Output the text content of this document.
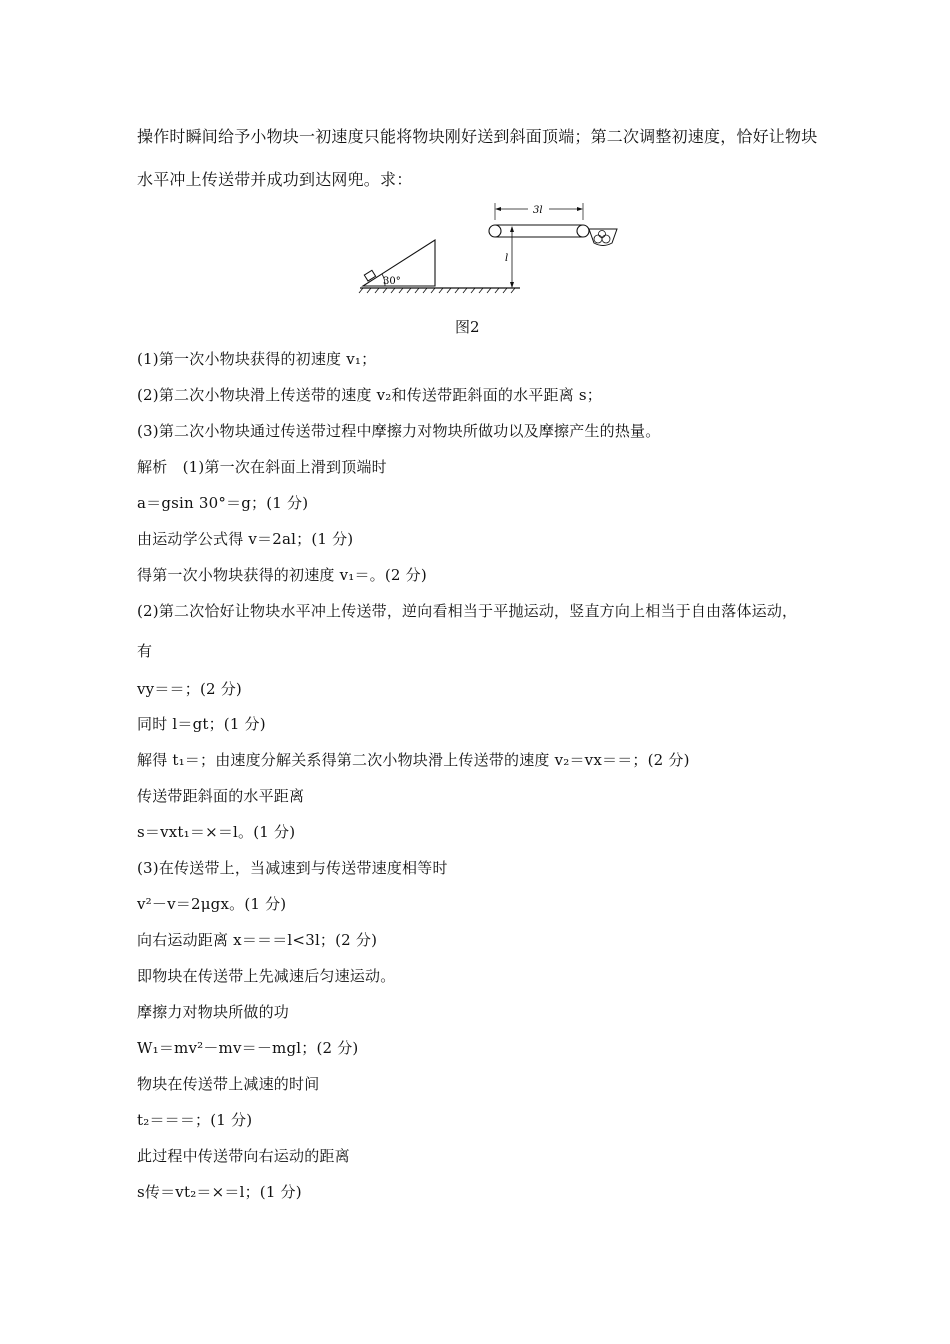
操作时瞬间给予小物块一初速度只能将物块刚好送到斜面顶端；第二次调整初速度，恰好让物块
水平冲上传送带并成功到达网兜。求：
30°
3l
l
图2
(1)第一次小物块获得的初速度 v₁；
(2)第二次小物块滑上传送带的速度 v₂和传送带距斜面的水平距离 s；
(3)第二次小物块通过传送带过程中摩擦力对物块所做功以及摩擦产生的热量。
解析　(1)第一次在斜面上滑到顶端时
a＝gsin 30°＝g；(1 分)
由运动学公式得 v＝2al；(1 分)
得第一次小物块获得的初速度 v₁＝。(2 分)
(2)第二次恰好让物块水平冲上传送带，逆向看相当于平抛运动，竖直方向上相当于自由落体运动，
有
vy＝＝；(2 分)
同时 l＝gt；(1 分)
解得 t₁＝；由速度分解关系得第二次小物块滑上传送带的速度 v₂＝vx＝＝；(2 分)
传送带距斜面的水平距离
s＝vxt₁＝×＝l。(1 分)
(3)在传送带上，当减速到与传送带速度相等时
v²－v＝2μgx。(1 分)
向右运动距离 x＝＝＝l<3l；(2 分)
即物块在传送带上先减速后匀速运动。
摩擦力对物块所做的功
W₁＝mv²－mv＝－mgl；(2 分)
物块在传送带上减速的时间
t₂＝＝＝；(1 分)
此过程中传送带向右运动的距离
s传＝vt₂＝×＝l；(1 分)
